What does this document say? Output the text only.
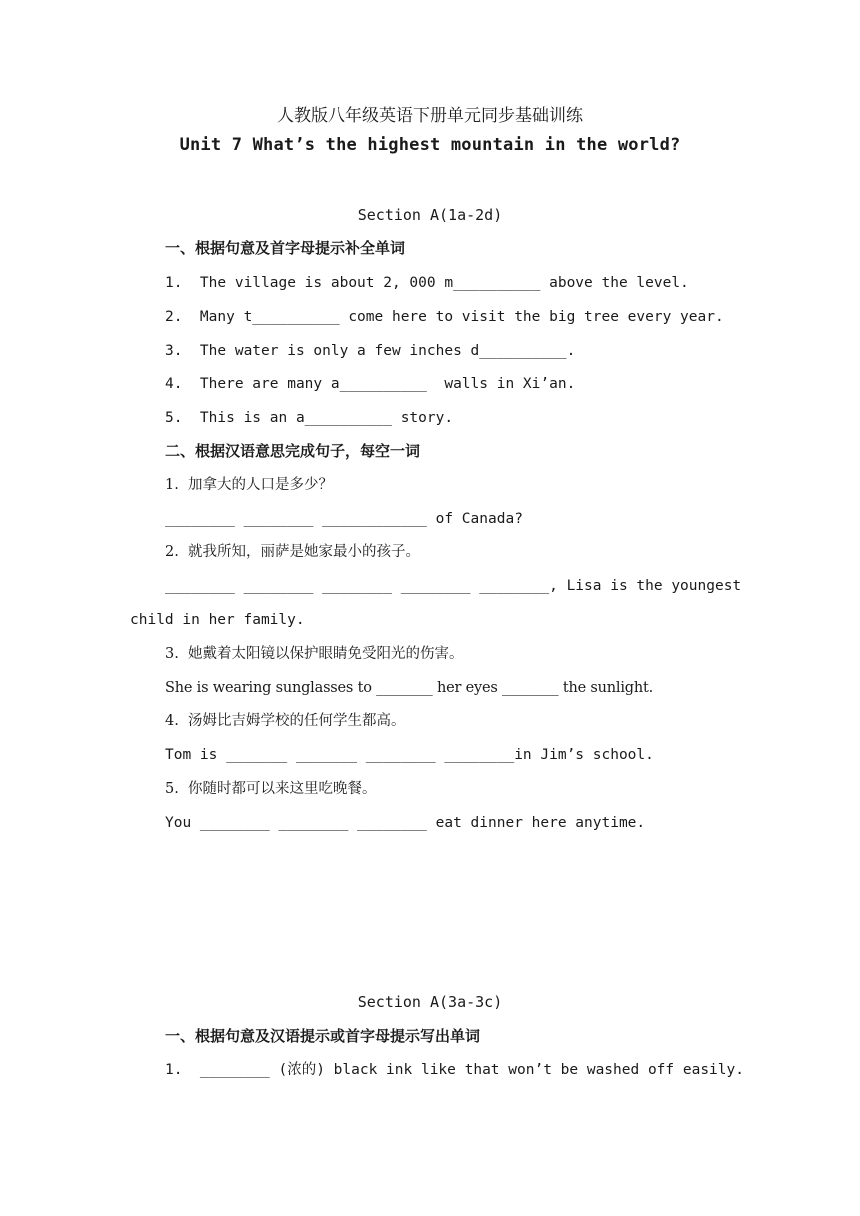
人教版八年级英语下册单元同步基础训练
Unit 7 What’s the highest mountain in the world?
Section A(1a-2d)
一、根据句意及首字母提示补全单词
1.  The village is about 2, 000 m__________ above the level.
2.  Many t__________ come here to visit the big tree every year.
3.  The water is only a few inches d__________.
4.  There are many a__________  walls in Xi’an.
5.  This is an a__________ story.
二、根据汉语意思完成句子，每空一词
1.  加拿大的人口是多少？
________ ________ ____________ of Canada?
2.  就我所知，丽萨是她家最小的孩子。
________ ________ ________ ________ ________, Lisa is the youngest
child in her family.
3.  她戴着太阳镜以保护眼睛免受阳光的伤害。
She is wearing sunglasses to ________ her eyes ________ the sunlight.
4.  汤姆比吉姆学校的任何学生都高。
Tom is _______ _______ ________ ________in Jim’s school.
5.  你随时都可以来这里吃晚餐。
You ________ ________ ________ eat dinner here anytime.
Section A(3a-3c)
一、根据句意及汉语提示或首字母提示写出单词
1.  ________ (浓的) black ink like that won’t be washed off easily.
